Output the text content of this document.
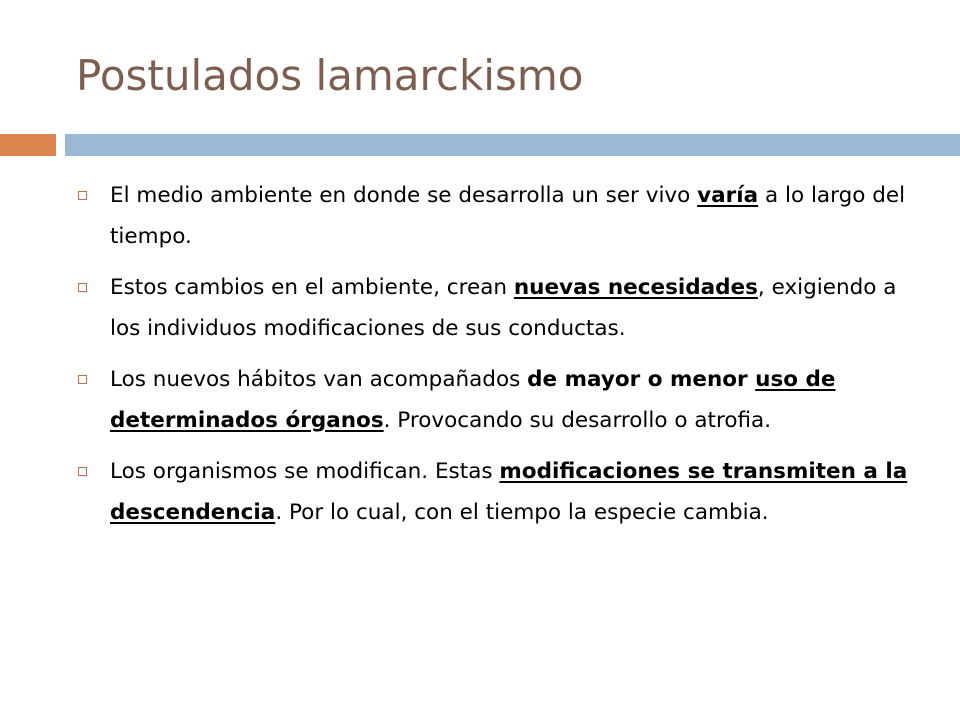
Postulados lamarckismo
El medio ambiente en donde se desarrolla un ser vivo varía a lo largo del tiempo.
Estos cambios en el ambiente, crean nuevas necesidades, exigiendo a los individuos modificaciones de sus conductas.
Los nuevos hábitos van acompañados de mayor o menor uso de determinados órganos. Provocando su desarrollo o atrofia.
Los organismos se modifican. Estas modificaciones se transmiten a la descendencia. Por lo cual, con el tiempo la especie cambia.
